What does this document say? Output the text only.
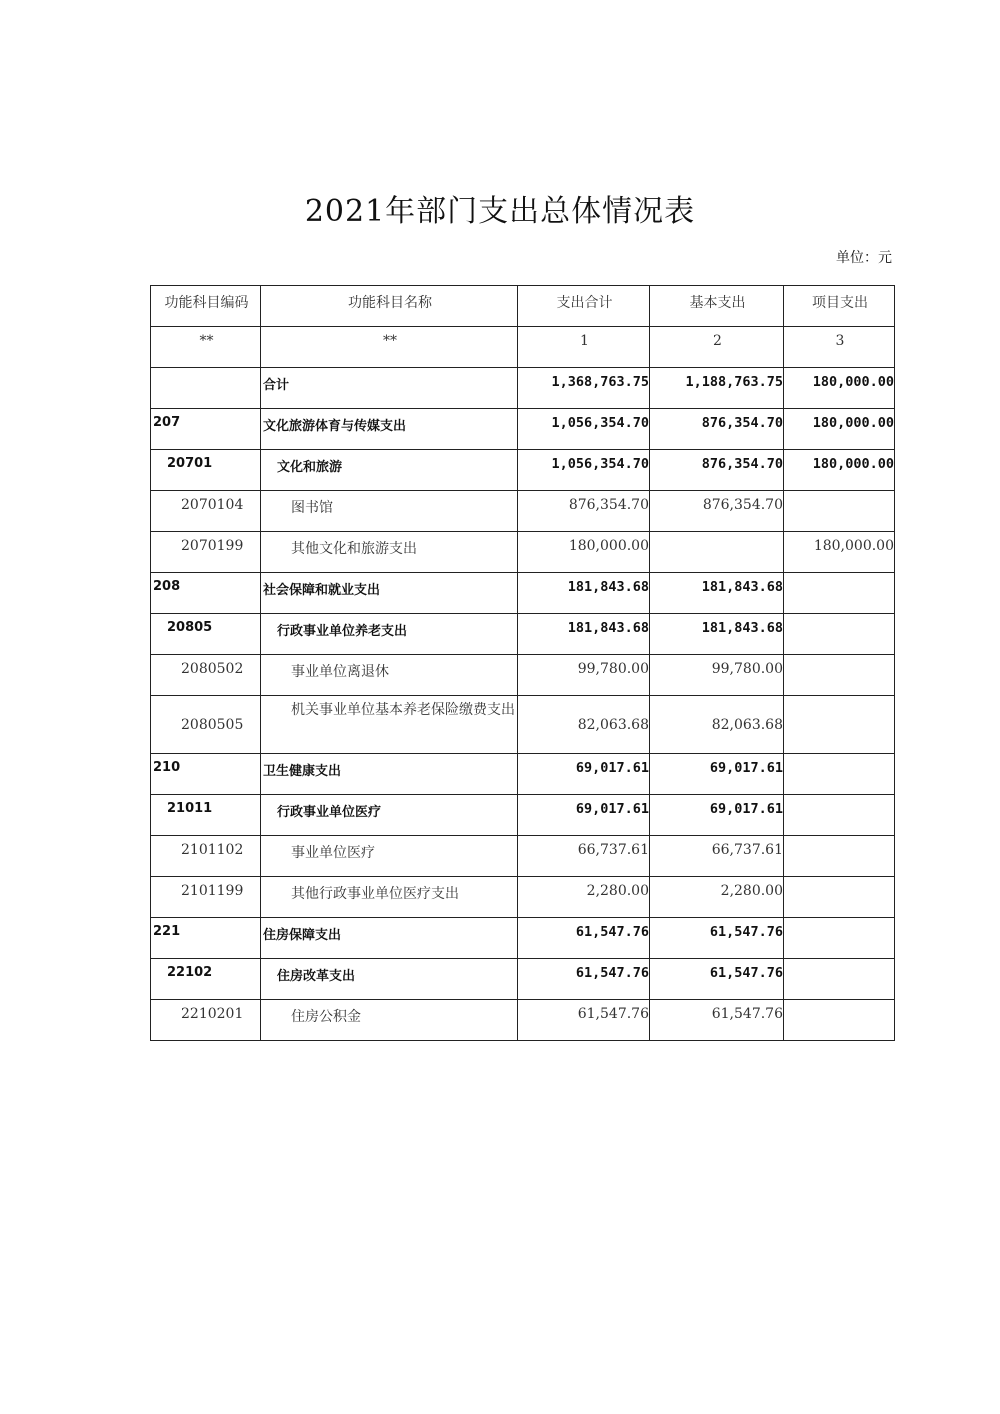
2021年部门支出总体情况表
单位：元
功能科目编码	功能科目名称	支出合计	基本支出	项目支出
**	**	1	2	3
	合计	1,368,763.75	1,188,763.75	180,000.00
207	文化旅游体育与传媒支出	1,056,354.70	876,354.70	180,000.00
20701	文化和旅游	1,056,354.70	876,354.70	180,000.00
2070104	图书馆	876,354.70	876,354.70	
2070199	其他文化和旅游支出	180,000.00		180,000.00
208	社会保障和就业支出	181,843.68	181,843.68	
20805	行政事业单位养老支出	181,843.68	181,843.68	
2080502	事业单位离退休	99,780.00	99,780.00	
2080505	机关事业单位基本养老保险缴费支出	82,063.68	82,063.68	
210	卫生健康支出	69,017.61	69,017.61	
21011	行政事业单位医疗	69,017.61	69,017.61	
2101102	事业单位医疗	66,737.61	66,737.61	
2101199	其他行政事业单位医疗支出	2,280.00	2,280.00	
221	住房保障支出	61,547.76	61,547.76	
22102	住房改革支出	61,547.76	61,547.76	
2210201	住房公积金	61,547.76	61,547.76	
